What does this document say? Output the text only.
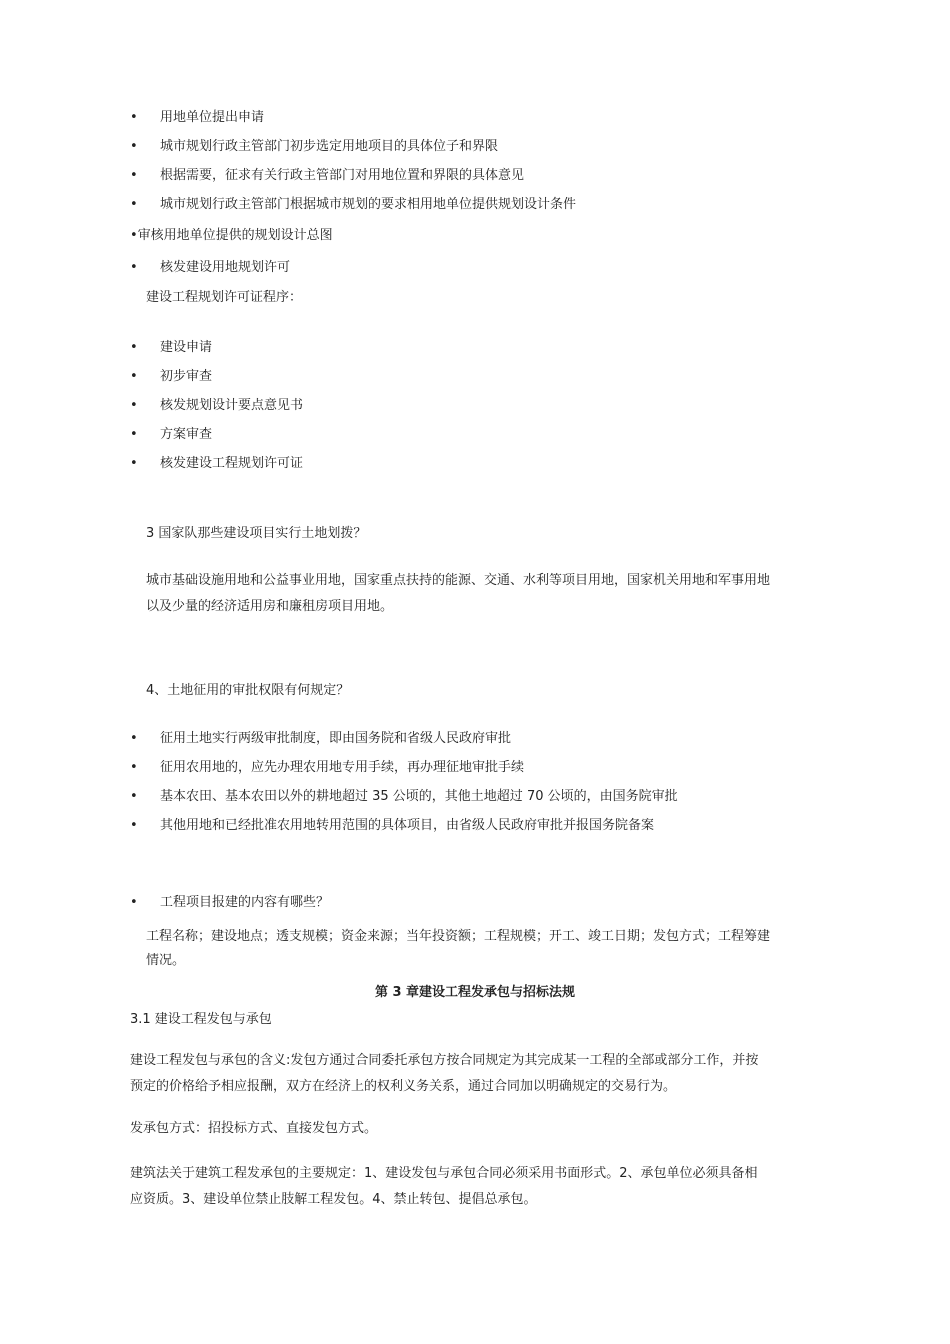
• 用地单位提出申请
• 城市规划行政主管部门初步选定用地项目的具体位子和界限
• 根据需要，征求有关行政主管部门对用地位置和界限的具体意见
• 城市规划行政主管部门根据城市规划的要求相用地单位提供规划设计条件
•审核用地单位提供的规划设计总图
• 核发建设用地规划许可
建设工程规划许可证程序：
• 建设申请
• 初步审查
• 核发规划设计要点意见书
• 方案审查
• 核发建设工程规划许可证
3 国家队那些建设项目实行土地划拨？
城市基础设施用地和公益事业用地，国家重点扶持的能源、交通、水利等项目用地，国家机关用地和军事用地
以及少量的经济适用房和廉租房项目用地。
4、土地征用的审批权限有何规定？
• 征用土地实行两级审批制度，即由国务院和省级人民政府审批
• 征用农用地的，应先办理农用地专用手续，再办理征地审批手续
• 基本农田、基本农田以外的耕地超过 35 公顷的，其他土地超过 70 公顷的，由国务院审批
• 其他用地和已经批准农用地转用范围的具体项目，由省级人民政府审批并报国务院备案
• 工程项目报建的内容有哪些？
工程名称；建设地点；透支规模；资金来源；当年投资额；工程规模；开工、竣工日期；发包方式；工程筹建
情况。
第 3 章建设工程发承包与招标法规
3.1 建设工程发包与承包
建设工程发包与承包的含义:发包方通过合同委托承包方按合同规定为其完成某一工程的全部或部分工作，并按
预定的价格给予相应报酬，双方在经济上的权利义务关系，通过合同加以明确规定的交易行为。
发承包方式：招投标方式、直接发包方式。
建筑法关于建筑工程发承包的主要规定：1、建设发包与承包合同必须采用书面形式。2、承包单位必须具备相
应资质。3、建设单位禁止肢解工程发包。4、禁止转包、提倡总承包。
